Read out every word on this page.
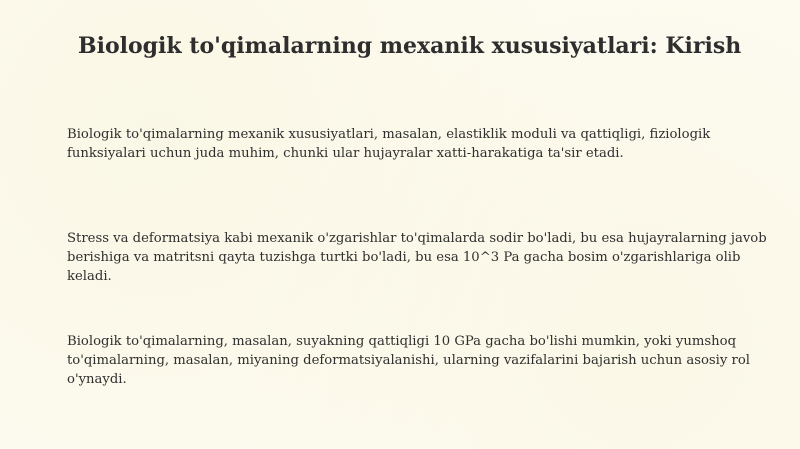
Biologik to'qimalarning mexanik xususiyatlari: Kirish

Biologik to'qimalarning mexanik xususiyatlari, masalan, elastiklik moduli va qattiqligi, fiziologik funksiyalari uchun juda muhim, chunki ular hujayralar xatti-harakatiga ta'sir etadi.

Stress va deformatsiya kabi mexanik o'zgarishlar to'qimalarda sodir bo'ladi, bu esa hujayralarning javob berishiga va matritsni qayta tuzishga turtki bo'ladi, bu esa 10^3 Pa gacha bosim o'zgarishlariga olib keladi.

Biologik to'qimalarning, masalan, suyakning qattiqligi 10 GPa gacha bo'lishi mumkin, yoki yumshoq to'qimalarning, masalan, miyaning deformatsiyalanishi, ularning vazifalarini bajarish uchun asosiy rol o'ynaydi.
